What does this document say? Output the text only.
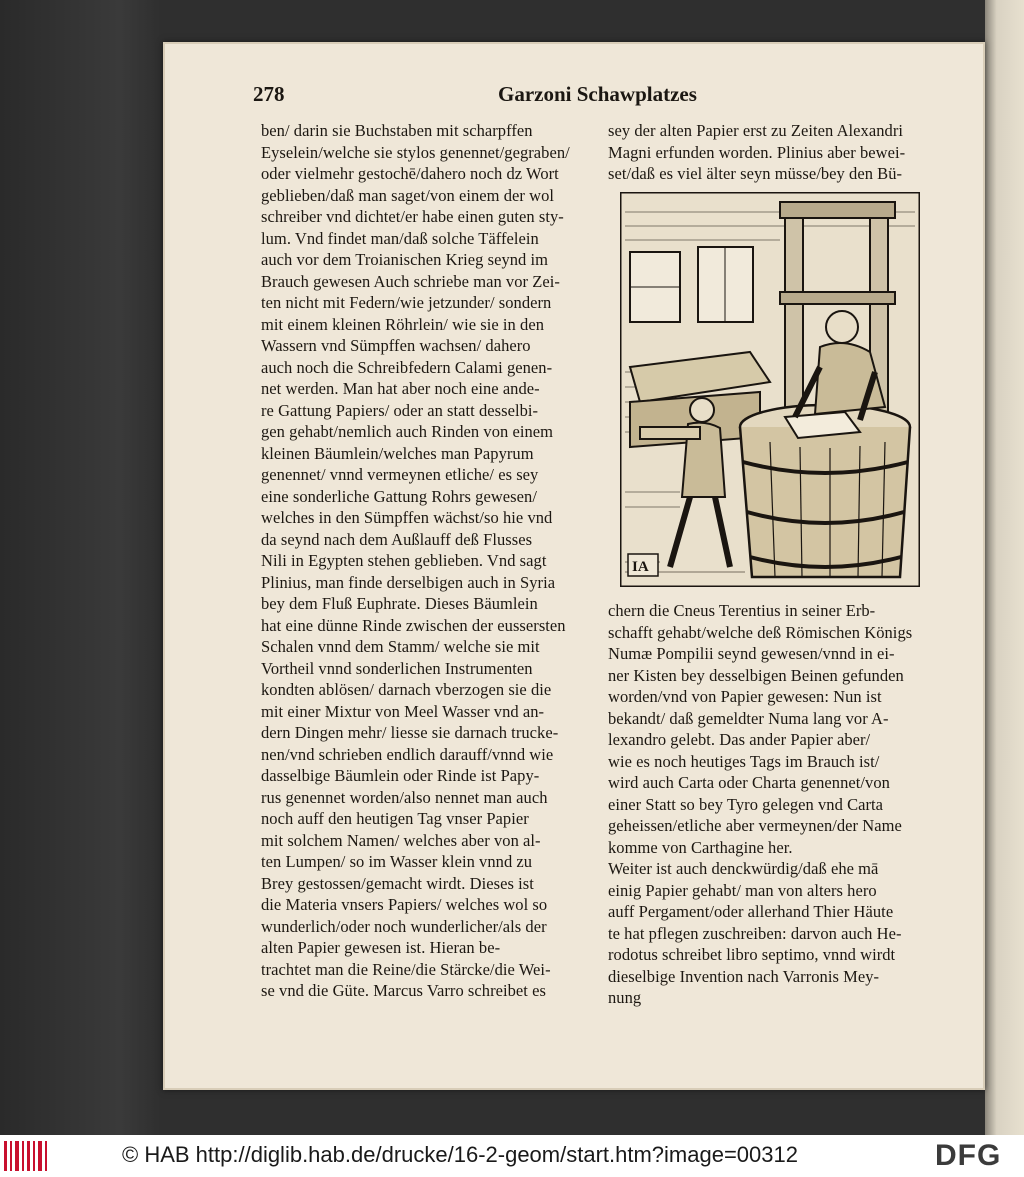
278	Garzoni Schawplatzes
ben/ darin sie Buchstaben mit scharpffen
Eyselein/welche sie stylos genennet/gegraben/
oder vielmehr gestochē/dahero noch dz Wort
geblieben/daß man saget/von einem der wol
schreiber vnd dichtet/er habe einen guten sty-
lum. Vnd findet man/daß solche Täffelein
auch vor dem Troianischen Krieg seynd im
Brauch gewesen Auch schriebe man vor Zei-
ten nicht mit Federn/wie jetzunder/ sondern
mit einem kleinen Röhrlein/ wie sie in den
Wassern vnd Sümpffen wachsen/ dahero
auch noch die Schreibfedern Calami genen-
net werden. Man hat aber noch eine ande-
re Gattung Papiers/ oder an statt desselbi-
gen gehabt/nemlich auch Rinden von einem
kleinen Bäumlein/welches man Papyrum
genennet/ vnnd vermeynen etliche/ es sey
eine sonderliche Gattung Rohrs gewesen/
welches in den Sümpffen wächst/so hie vnd
da seynd nach dem Außlauff deß Flusses
Nili in Egypten stehen geblieben. Vnd sagt
Plinius, man finde derselbigen auch in Syria
bey dem Fluß Euphrate. Dieses Bäumlein
hat eine dünne Rinde zwischen der eussersten
Schalen vnnd dem Stamm/ welche sie mit
Vortheil vnnd sonderlichen Instrumenten
kondten ablösen/ darnach vberzogen sie die
mit einer Mixtur von Meel Wasser vnd an-
dern Dingen mehr/ liesse sie darnach trucke-
nen/vnd schrieben endlich darauff/vnnd wie
dasselbige Bäumlein oder Rinde ist Papy-
rus genennet worden/also nennet man auch
noch auff den heutigen Tag vnser Papier
mit solchem Namen/ welches aber von al-
ten Lumpen/ so im Wasser klein vnnd zu
Brey gestossen/gemacht wirdt. Dieses ist
die Materia vnsers Papiers/ welches wol so
wunderlich/oder noch wunderlicher/als der
alten Papier gewesen ist. Hieran be-
trachtet man die Reine/die Stärcke/die Wei-
se vnd die Güte. Marcus Varro schreibet es
sey der alten Papier erst zu Zeiten Alexandri
Magni erfunden worden. Plinius aber bewei-
set/daß es viel älter seyn müsse/bey den Bü-
IA
chern die Cneus Terentius in seiner Erb-
schafft gehabt/welche deß Römischen Königs
Numæ Pompilii seynd gewesen/vnnd in ei-
ner Kisten bey desselbigen Beinen gefunden
worden/vnd von Papier gewesen: Nun ist
bekandt/ daß gemeldter Numa lang vor A-
lexandro gelebt. Das ander Papier aber/
wie es noch heutiges Tags im Brauch ist/
wird auch Carta oder Charta genennet/von
einer Statt so bey Tyro gelegen vnd Carta
geheissen/etliche aber vermeynen/der Name
komme von Carthagine her.
Weiter ist auch denckwürdig/daß ehe mā
einig Papier gehabt/ man von alters hero
auff Pergament/oder allerhand Thier Häute
te hat pflegen zuschreiben: darvon auch He-
rodotus schreibet libro septimo, vnnd wirdt
dieselbige Invention nach Varronis Mey-
nung
© HAB http://diglib.hab.de/drucke/16-2-geom/start.htm?image=00312	DFG
